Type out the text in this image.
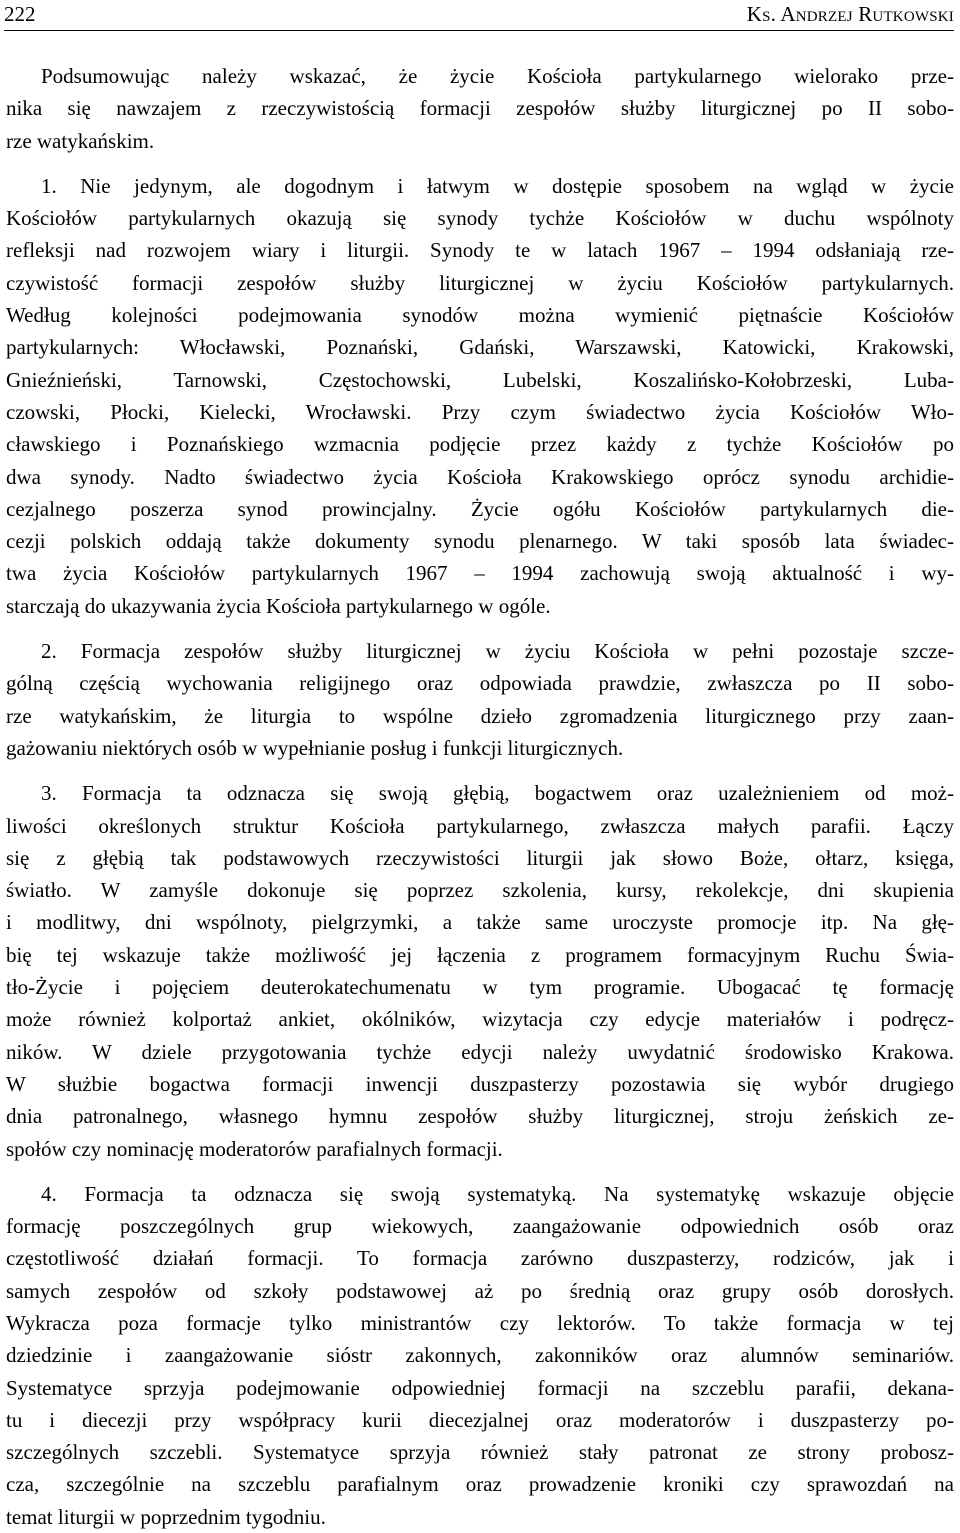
222	Ks. Andrzej Rutkowski
Podsumowując należy wskazać, że życie Kościoła partykularnego wielorako prze-
nika się nawzajem z rzeczywistością formacji zespołów służby liturgicznej po II sobo-
rze watykańskim.
1. Nie jedynym, ale dogodnym i łatwym w dostępie sposobem na wgląd w życie
Kościołów partykularnych okazują się synody tychże Kościołów w duchu wspólnoty
refleksji nad rozwojem wiary i liturgii. Synody te w latach 1967 – 1994 odsłaniają rze-
czywistość formacji zespołów służby liturgicznej w życiu Kościołów partykularnych.
Według kolejności podejmowania synodów można wymienić piętnaście Kościołów
partykularnych: Włocławski, Poznański, Gdański, Warszawski, Katowicki, Krakowski,
Gnieźnieński, Tarnowski, Częstochowski, Lubelski, Koszalińsko-Kołobrzeski, Luba-
czowski, Płocki, Kielecki, Wrocławski. Przy czym świadectwo życia Kościołów Wło-
cławskiego i Poznańskiego wzmacnia podjęcie przez każdy z tychże Kościołów po
dwa synody. Nadto świadectwo życia Kościoła Krakowskiego oprócz synodu archidie-
cezjalnego poszerza synod prowincjalny. Życie ogółu Kościołów partykularnych die-
cezji polskich oddają także dokumenty synodu plenarnego. W taki sposób lata świadec-
twa życia Kościołów partykularnych 1967 – 1994 zachowują swoją aktualność i wy-
starczają do ukazywania życia Kościoła partykularnego w ogóle.
2. Formacja zespołów służby liturgicznej w życiu Kościoła w pełni pozostaje szcze-
gólną częścią wychowania religijnego oraz odpowiada prawdzie, zwłaszcza po II sobo-
rze watykańskim, że liturgia to wspólne dzieło zgromadzenia liturgicznego przy zaan-
gażowaniu niektórych osób w wypełnianie posług i funkcji liturgicznych.
3. Formacja ta odznacza się swoją głębią, bogactwem oraz uzależnieniem od moż-
liwości określonych struktur Kościoła partykularnego, zwłaszcza małych parafii. Łączy
się z głębią tak podstawowych rzeczywistości liturgii jak słowo Boże, ołtarz, księga,
światło. W zamyśle dokonuje się poprzez szkolenia, kursy, rekolekcje, dni skupienia
i modlitwy, dni wspólnoty, pielgrzymki, a także same uroczyste promocje itp. Na głę-
bię tej wskazuje także możliwość jej łączenia z programem formacyjnym Ruchu Świa-
tło-Życie i pojęciem deuterokatechumenatu w tym programie. Ubogacać tę formację
może również kolportaż ankiet, okólników, wizytacja czy edycje materiałów i podręcz-
ników. W dziele przygotowania tychże edycji należy uwydatnić środowisko Krakowa.
W służbie bogactwa formacji inwencji duszpasterzy pozostawia się wybór drugiego
dnia patronalnego, własnego hymnu zespołów służby liturgicznej, stroju żeńskich ze-
społów czy nominację moderatorów parafialnych formacji.
4. Formacja ta odznacza się swoją systematyką. Na systematykę wskazuje objęcie
formację poszczególnych grup wiekowych, zaangażowanie odpowiednich osób oraz
częstotliwość działań formacji. To formacja zarówno duszpasterzy, rodziców, jak i
samych zespołów od szkoły podstawowej aż po średnią oraz grupy osób dorosłych.
Wykracza poza formacje tylko ministrantów czy lektorów. To także formacja w tej
dziedzinie i zaangażowanie sióstr zakonnych, zakonników oraz alumnów seminariów.
Systematyce sprzyja podejmowanie odpowiedniej formacji na szczeblu parafii, dekana-
tu i diecezji przy współpracy kurii diecezjalnej oraz moderatorów i duszpasterzy po-
szczególnych szczebli. Systematyce sprzyja również stały patronat ze strony probosz-
cza, szczególnie na szczeblu parafialnym oraz prowadzenie kroniki czy sprawozdań na
temat liturgii w poprzednim tygodniu.
